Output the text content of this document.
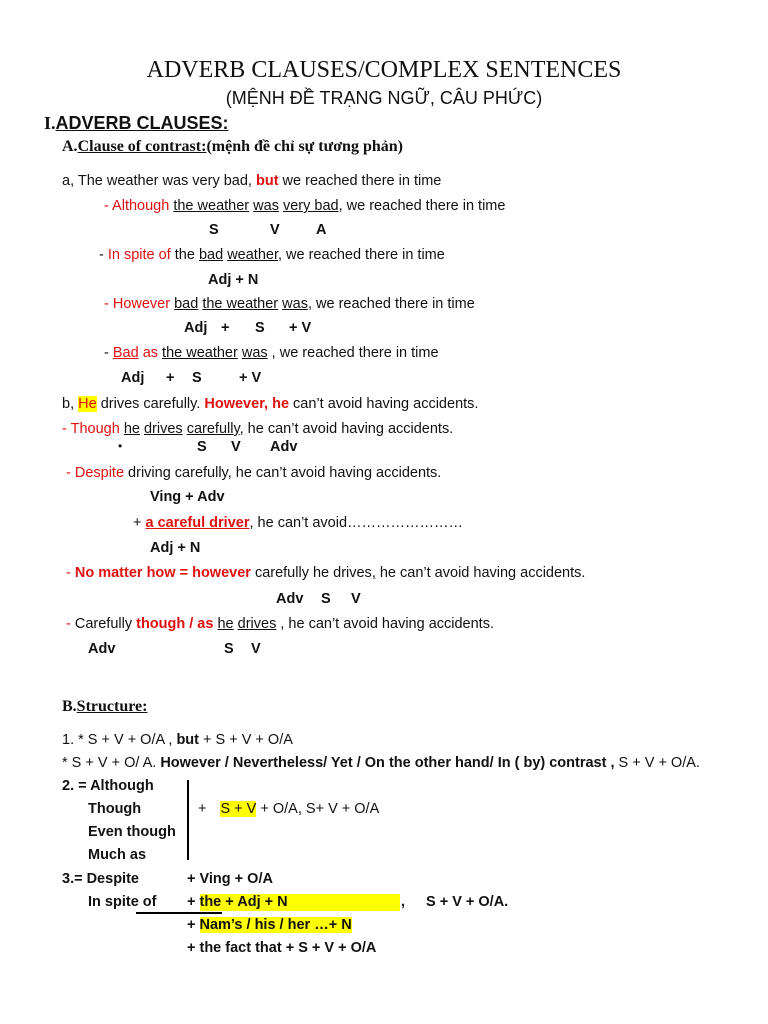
ADVERB CLAUSES/COMPLEX SENTENCES
(MỆNH ĐỀ TRẠNG NGỮ, CÂU PHỨC)
I.ADVERB CLAUSES:
A.Clause of contrast:(mệnh đề chỉ sự tương phản)
a, The weather was very bad, but we reached there in time
- Although the weather was very bad, we reached there in time
S	V	A
- In spite of the bad weather, we reached there in time
Adj + N
- However bad the weather was, we reached there in time
Adj + S + V
- Bad as the weather was , we reached there in time
Adj + S	+ V
b, He drives carefully. However, he can’t avoid having accidents.
- Though he drives carefully, he can’t avoid having accidents.
•	S V Adv
- Despite driving carefully, he can’t avoid having accidents.
Ving + Adv
+ a careful driver, he can’t avoid……………………
Adj + N
- No matter how = however carefully he drives, he can’t avoid having accidents.
Adv S V
- Carefully though / as he drives , he can’t avoid having accidents.
Adv	S V
B.Structure:
1. * S + V + O/A , but + S + V + O/A
* S + V + O/ A. However / Nevertheless/ Yet / On the other hand/ In ( by) contrast , S + V + O/A.
2. = Although
Though
Even though
Much as
+ S + V + O/A, S+ V + O/A
3.= Despite
In spite of
+ Ving + O/A
+ the + Adj + N	, S + V + O/A.
+ Nam’s / his / her …+ N
+ the fact that + S + V + O/A
